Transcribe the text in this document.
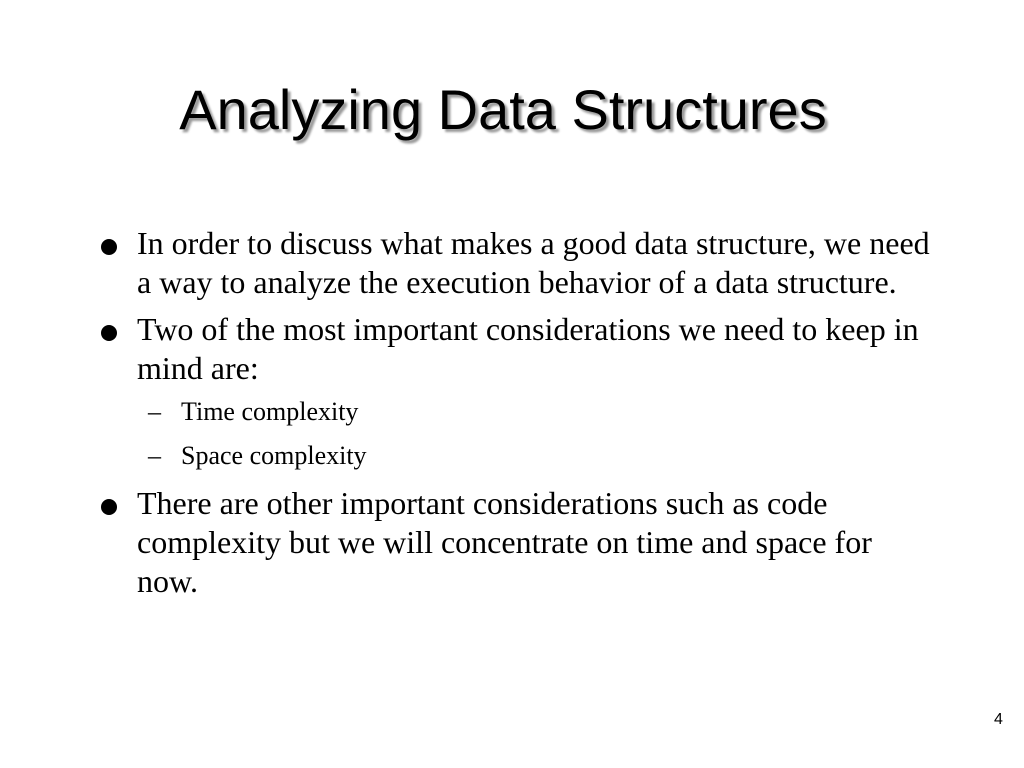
Analyzing Data Structures
In order to discuss what makes a good data structure, we need a way to analyze the execution behavior of a data structure.
Two of the most important considerations we need to keep in mind are:
– Time complexity
– Space complexity
There are other important considerations such as code complexity but we will concentrate on time and space for now.
4
